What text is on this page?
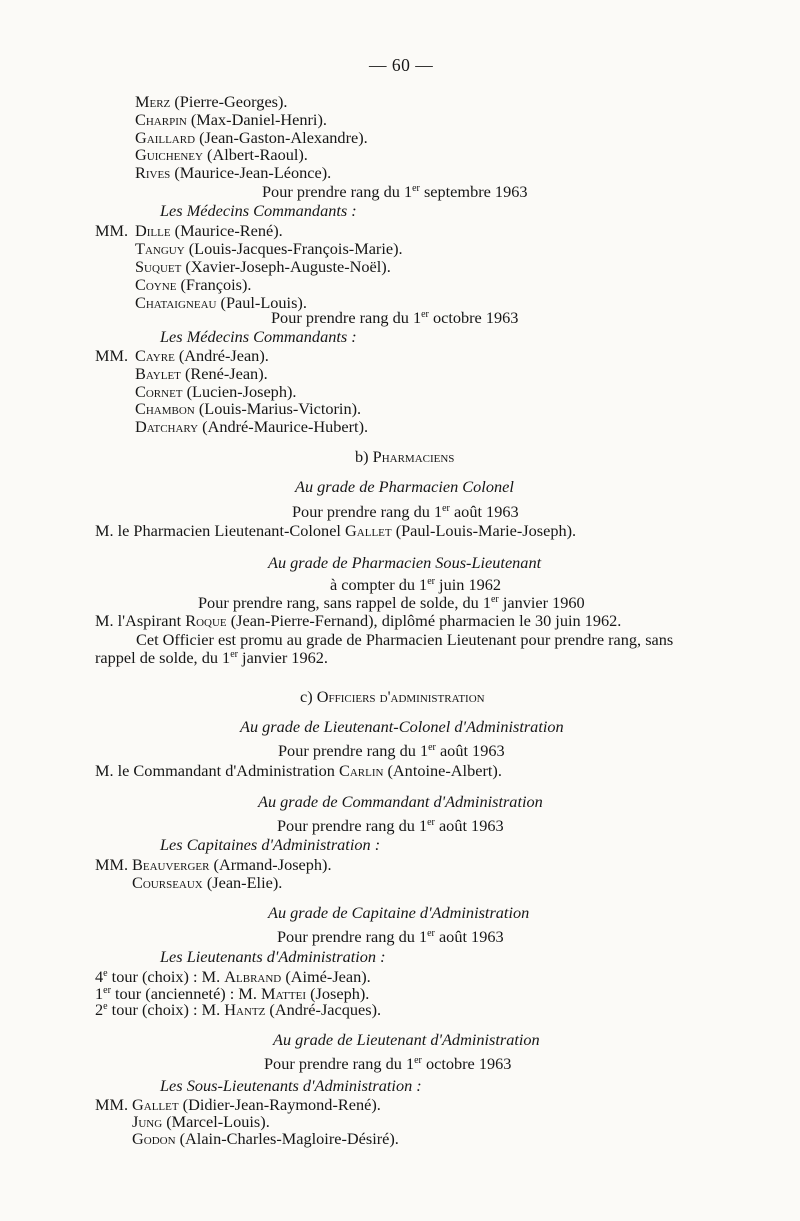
— 60 —
Merz (Pierre-Georges).
Charpin (Max-Daniel-Henri).
Gaillard (Jean-Gaston-Alexandre).
Guicheney (Albert-Raoul).
Rives (Maurice-Jean-Léonce).
Pour prendre rang du 1er septembre 1963
Les Médecins Commandants :
MM. Dille (Maurice-René).
Tanguy (Louis-Jacques-François-Marie).
Suquet (Xavier-Joseph-Auguste-Noël).
Coyne (François).
Chataigneau (Paul-Louis).
Pour prendre rang du 1er octobre 1963
Les Médecins Commandants :
MM. Cayre (André-Jean).
Baylet (René-Jean).
Cornet (Lucien-Joseph).
Chambon (Louis-Marius-Victorin).
Datchary (André-Maurice-Hubert).
b) Pharmaciens
Au grade de Pharmacien Colonel
Pour prendre rang du 1er août 1963
M. le Pharmacien Lieutenant-Colonel Gallet (Paul-Louis-Marie-Joseph).
Au grade de Pharmacien Sous-Lieutenant
à compter du 1er juin 1962
Pour prendre rang, sans rappel de solde, du 1er janvier 1960
M. l'Aspirant Roque (Jean-Pierre-Fernand), diplômé pharmacien le 30 juin 1962.
Cet Officier est promu au grade de Pharmacien Lieutenant pour prendre rang, sans
rappel de solde, du 1er janvier 1962.
c) Officiers d'administration
Au grade de Lieutenant-Colonel d'Administration
Pour prendre rang du 1er août 1963
M. le Commandant d'Administration Carlin (Antoine-Albert).
Au grade de Commandant d'Administration
Pour prendre rang du 1er août 1963
Les Capitaines d'Administration :
MM. Beauverger (Armand-Joseph).
Courseaux (Jean-Elie).
Au grade de Capitaine d'Administration
Pour prendre rang du 1er août 1963
Les Lieutenants d'Administration :
4e tour (choix) : M. Albrand (Aimé-Jean).
1er tour (ancienneté) : M. Mattei (Joseph).
2e tour (choix) : M. Hantz (André-Jacques).
Au grade de Lieutenant d'Administration
Pour prendre rang du 1er octobre 1963
Les Sous-Lieutenants d'Administration :
MM. Gallet (Didier-Jean-Raymond-René).
Jung (Marcel-Louis).
Godon (Alain-Charles-Magloire-Désiré).
